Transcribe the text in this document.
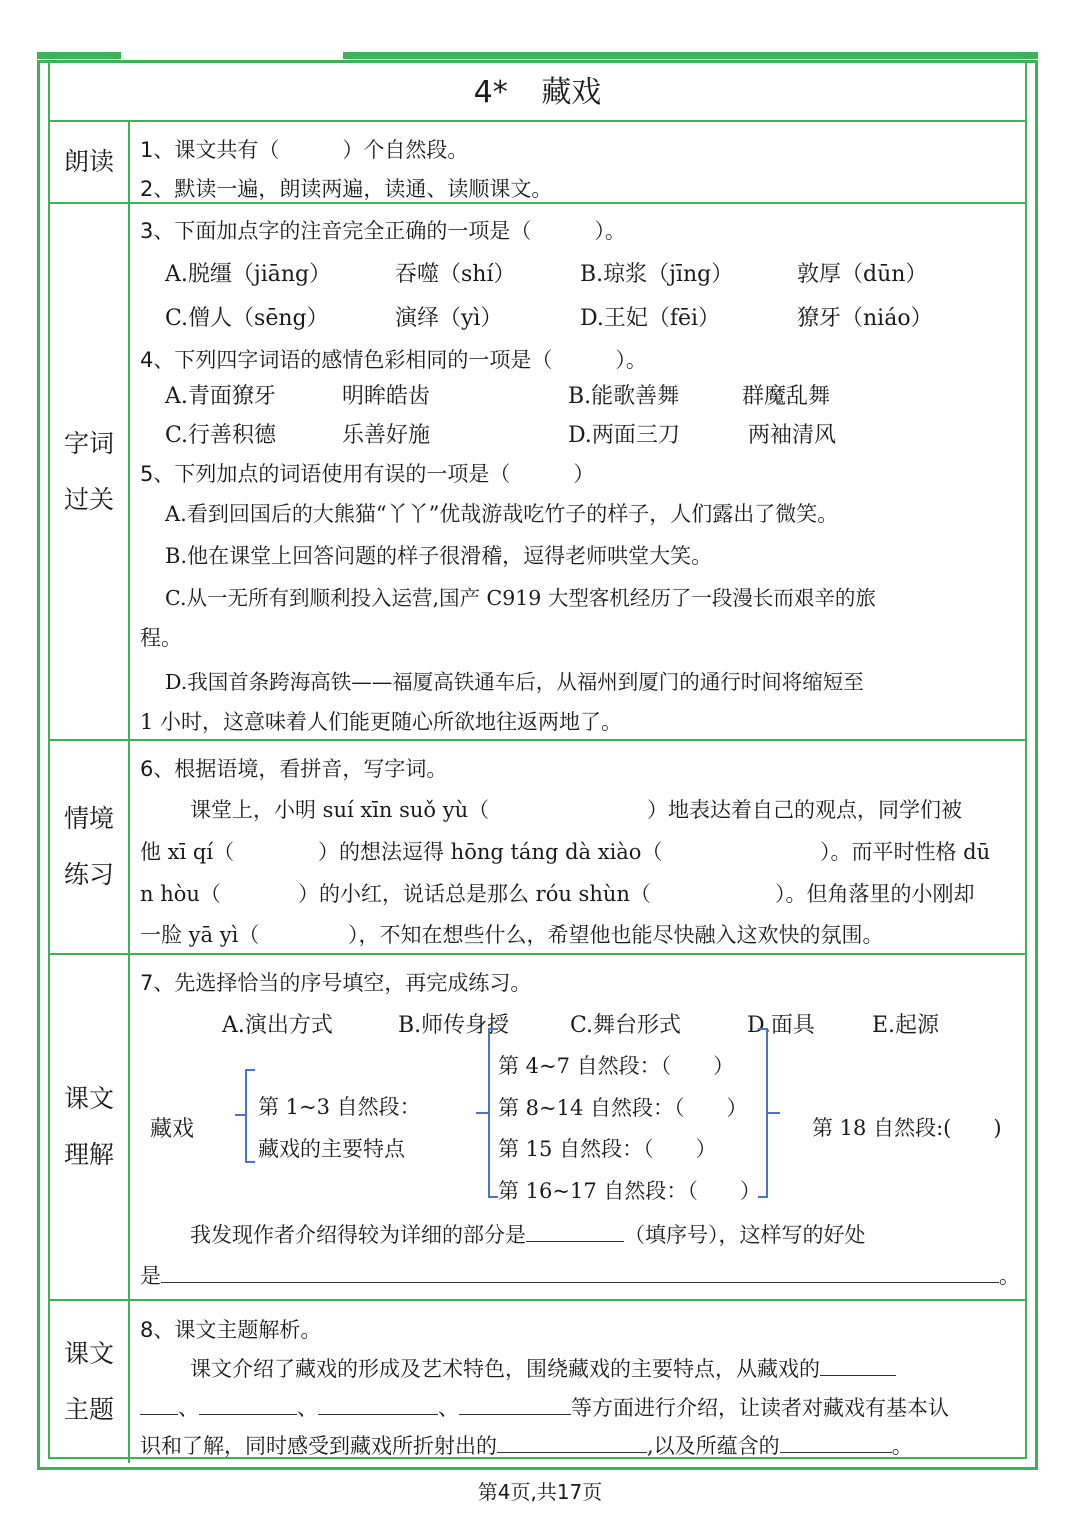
4* 藏戏
朗读 1、课文共有（　　　）个自然段。
2、默读一遍，朗读两遍，读通、读顺课文。
字词
过关
3、下面加点字的注音完全正确的一项是（　　　）。
A.脱缰（jiāng）	吞噬（shí）	B.琼浆（jīng）	敦厚（dūn）
C.僧人（sēng）	演绎（yì）	D.王妃（fēi）	獠牙（niáo）
4、下列四字词语的感情色彩相同的一项是（　　　）。
A.青面獠牙	明眸皓齿	B.能歌善舞	群魔乱舞
C.行善积德	乐善好施	D.两面三刀	两袖清风
5、下列加点的词语使用有误的一项是（　　　）
A.看到回国后的大熊猫“丫丫”优哉游哉吃竹子的样子，人们露出了微笑。
B.他在课堂上回答问题的样子很滑稽，逗得老师哄堂大笑。
C.从一无所有到顺利投入运营,国产 C919 大型客机经历了一段漫长而艰辛的旅
程。
D.我国首条跨海高铁——福厦高铁通车后，从福州到厦门的通行时间将缩短至
1 小时，这意味着人们能更随心所欲地往返两地了。
情境
练习
6、根据语境，看拼音，写字词。
课堂上，小明 suí xīn suǒ yù（	）地表达着自己的观点，同学们被
他 xī qí（	）的想法逗得 hōng táng dà xiào（	）。而平时性格 dū
n hòu（	）的小红，说话总是那么 róu shùn（	）。但角落里的小刚却
一脸 yā yì（	），不知在想些什么，希望他也能尽快融入这欢快的氛围。
课文
理解
7、先选择恰当的序号填空，再完成练习。
A.演出方式	B.师传身授	C.舞台形式	D.面具	E.起源
藏戏
第 1~3 自然段：
藏戏的主要特点
第 4~7 自然段：（　　）
第 8~14 自然段：（　　）
第 15 自然段：（　　）
第 16~17 自然段：（　　）
第 18 自然段:(　　)
我发现作者介绍得较为详细的部分是	（填序号），这样写的好处
是	。
课文
主题
8、课文主题解析。
课文介绍了藏戏的形成及艺术特色，围绕藏戏的主要特点，从藏戏的
、	、	、	等方面进行介绍，让读者对藏戏有基本认
识和了解，同时感受到藏戏所折射出的	,以及所蕴含的	。
第4页,共17页
